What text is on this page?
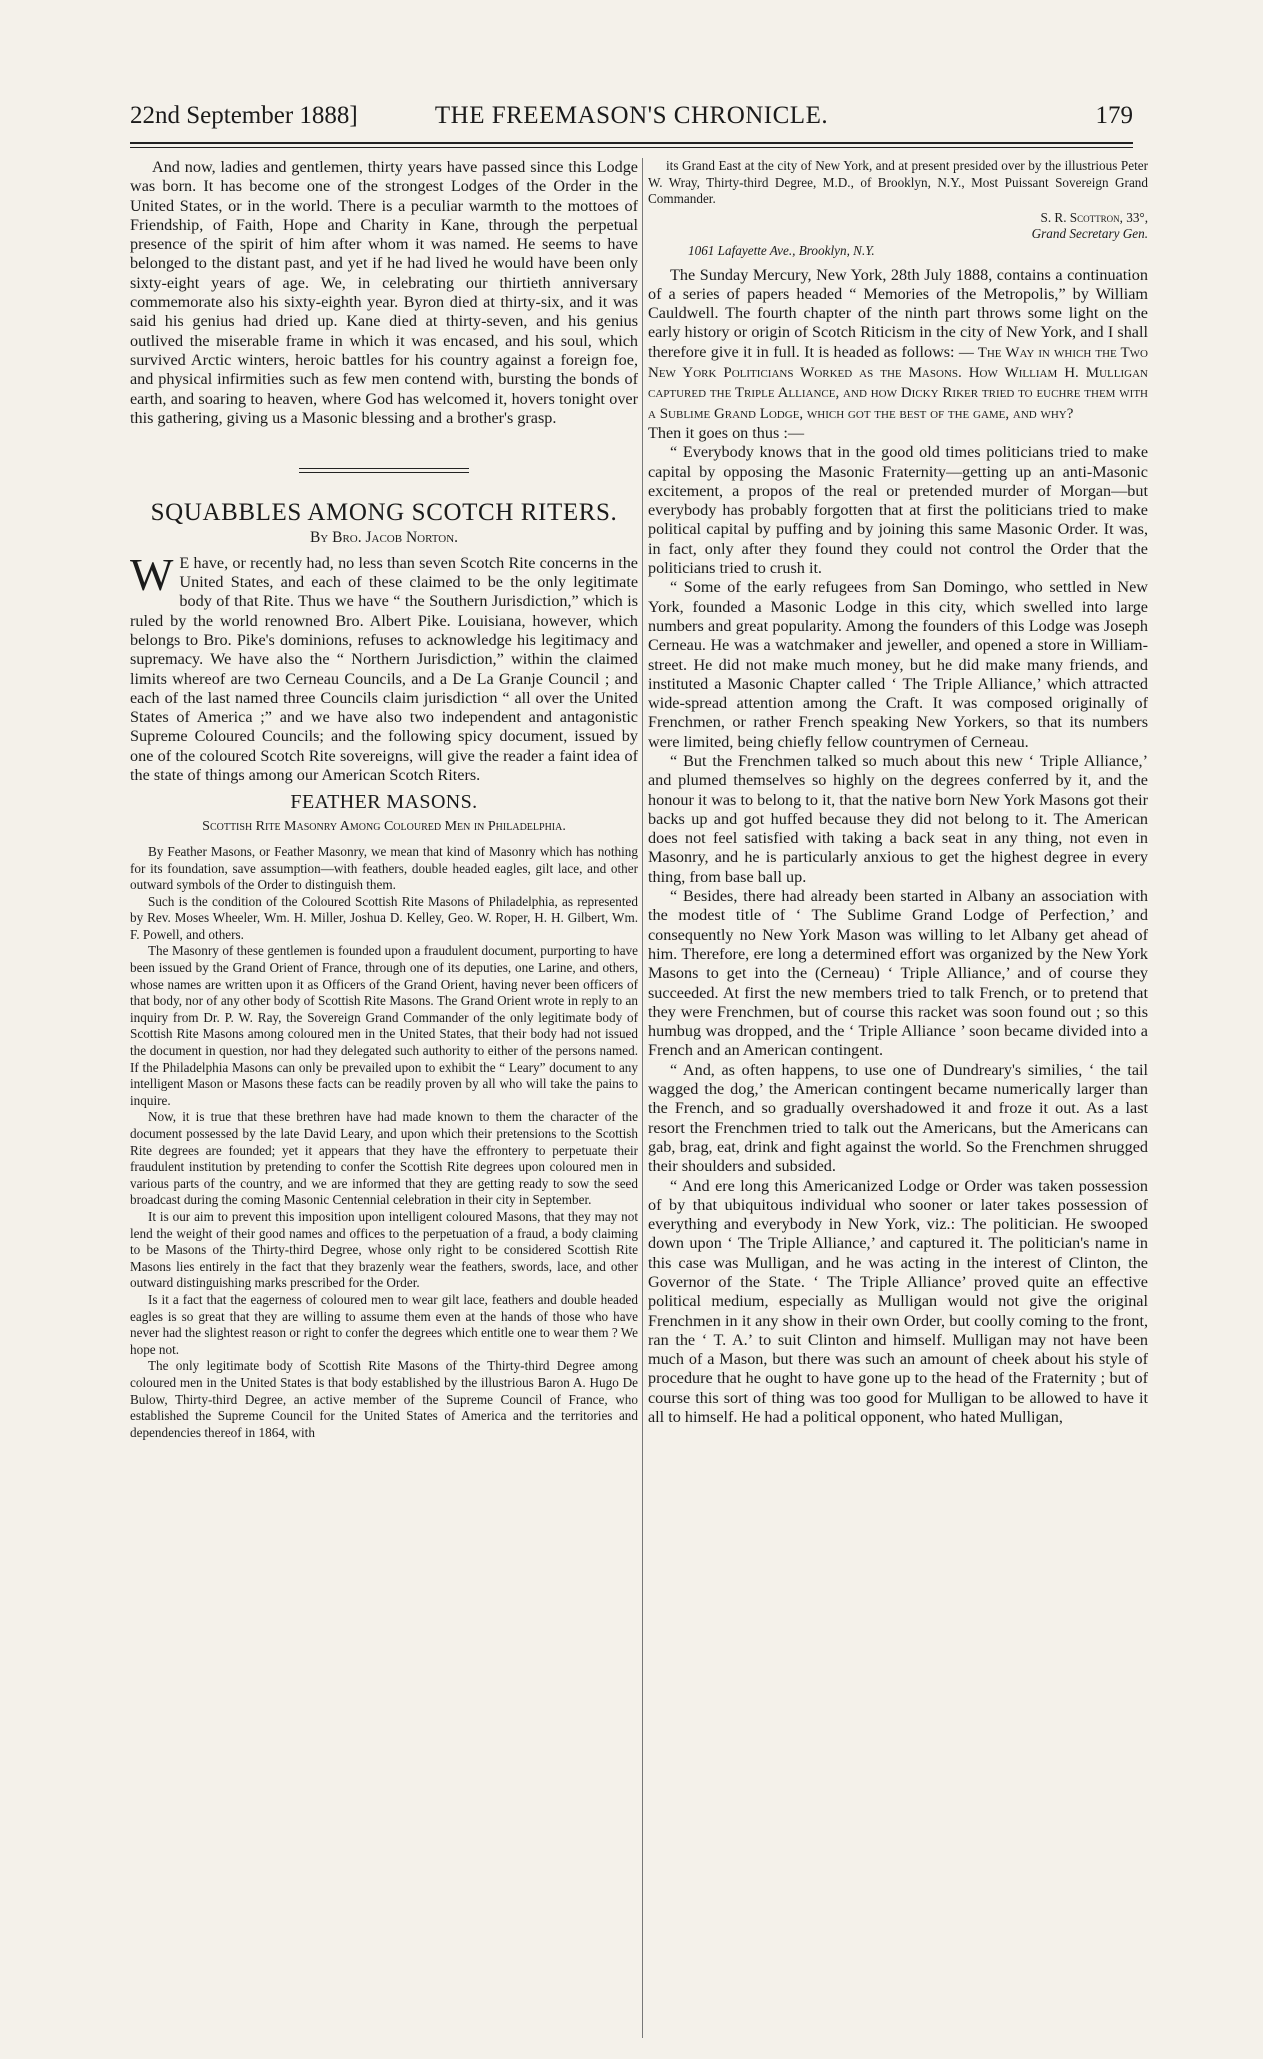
22nd September 1888]	THE FREEMASON'S CHRONICLE.	179

And now, ladies and gentlemen, thirty years have passed since this Lodge was born. It has become one of the strongest Lodges of the Order in the United States, or in the world. There is a peculiar warmth to the mottoes of Friendship, of Faith, Hope and Charity in Kane, through the perpetual presence of the spirit of him after whom it was named. He seems to have belonged to the distant past, and yet if he had lived he would have been only sixty-eight years of age. We, in celebrating our thirtieth anniversary commemorate also his sixty-eighth year. Byron died at thirty-six, and it was said his genius had dried up. Kane died at thirty-seven, and his genius outlived the miserable frame in which it was encased, and his soul, which survived Arctic winters, heroic battles for his country against a foreign foe, and physical infirmities such as few men contend with, bursting the bonds of earth, and soaring to heaven, where God has welcomed it, hovers tonight over this gathering, giving us a Masonic blessing and a brother's grasp.

SQUABBLES AMONG SCOTCH RITERS.
By Bro. Jacob Norton.

W E have, or recently had, no less than seven Scotch Rite concerns in the United States, and each of these claimed to be the only legitimate body of that Rite. Thus we have “ the Southern Jurisdiction,” which is ruled by the world renowned Bro. Albert Pike. Louisiana, however, which belongs to Bro. Pike's dominions, refuses to acknowledge his legitimacy and supremacy. We have also the “ Northern Jurisdiction,” within the claimed limits whereof are two Cerneau Councils, and a De La Granje Council ; and each of the last named three Councils claim jurisdiction “ all over the United States of America ;” and we have also two independent and antagonistic Supreme Coloured Councils; and the following spicy document, issued by one of the coloured Scotch Rite sovereigns, will give the reader a faint idea of the state of things among our American Scotch Riters.

FEATHER MASONS.
Scottish Rite Masonry Among Coloured Men in Philadelphia.

By Feather Masons, or Feather Masonry, we mean that kind of Masonry which has nothing for its foundation, save assumption—with feathers, double headed eagles, gilt lace, and other outward symbols of the Order to distinguish them.

Such is the condition of the Coloured Scottish Rite Masons of Philadelphia, as represented by Rev. Moses Wheeler, Wm. H. Miller, Joshua D. Kelley, Geo. W. Roper, H. H. Gilbert, Wm. F. Powell, and others.

The Masonry of these gentlemen is founded upon a fraudulent document, purporting to have been issued by the Grand Orient of France, through one of its deputies, one Larine, and others, whose names are written upon it as Officers of the Grand Orient, having never been officers of that body, nor of any other body of Scottish Rite Masons. The Grand Orient wrote in reply to an inquiry from Dr. P. W. Ray, the Sovereign Grand Commander of the only legitimate body of Scottish Rite Masons among coloured men in the United States, that their body had not issued the document in question, nor had they delegated such authority to either of the persons named. If the Philadelphia Masons can only be prevailed upon to exhibit the “ Leary” document to any intelligent Mason or Masons these facts can be readily proven by all who will take the pains to inquire.

Now, it is true that these brethren have had made known to them the character of the document possessed by the late David Leary, and upon which their pretensions to the Scottish Rite degrees are founded; yet it appears that they have the effrontery to perpetuate their fraudulent institution by pretending to confer the Scottish Rite degrees upon coloured men in various parts of the country, and we are informed that they are getting ready to sow the seed broadcast during the coming Masonic Centennial celebration in their city in September.

It is our aim to prevent this imposition upon intelligent coloured Masons, that they may not lend the weight of their good names and offices to the perpetuation of a fraud, a body claiming to be Masons of the Thirty-third Degree, whose only right to be considered Scottish Rite Masons lies entirely in the fact that they brazenly wear the feathers, swords, lace, and other outward distinguishing marks prescribed for the Order.

Is it a fact that the eagerness of coloured men to wear gilt lace, feathers and double headed eagles is so great that they are willing to assume them even at the hands of those who have never had the slightest reason or right to confer the degrees which entitle one to wear them ? We hope not.

The only legitimate body of Scottish Rite Masons of the Thirty-third Degree among coloured men in the United States is that body established by the illustrious Baron A. Hugo De Bulow, Thirty-third Degree, an active member of the Supreme Council of France, who established the Supreme Council for the United States of America and the territories and dependencies thereof in 1864, with

its Grand East at the city of New York, and at present presided over by the illustrious Peter W. Wray, Thirty-third Degree, M.D., of Brooklyn, N.Y., Most Puissant Sovereign Grand Commander.

S. R. Scottron, 33°,

Grand Secretary Gen.

1061 Lafayette Ave., Brooklyn, N.Y.

The Sunday Mercury, New York, 28th July 1888, contains a continuation of a series of papers headed “ Memories of the Metropolis,” by William Cauldwell. The fourth chapter of the ninth part throws some light on the early history or origin of Scotch Riticism in the city of New York, and I shall therefore give it in full. It is headed as follows: — The Way in which the Two New York Politicians Worked as the Masons. How William H. Mulligan captured the Triple Alliance, and how Dicky Riker tried to euchre them with a Sublime Grand Lodge, which got the best of the game, and why?

Then it goes on thus :—

“ Everybody knows that in the good old times politicians tried to make capital by opposing the Masonic Fraternity—getting up an anti-Masonic excitement, a propos of the real or pretended murder of Morgan—but everybody has probably forgotten that at first the politicians tried to make political capital by puffing and by joining this same Masonic Order. It was, in fact, only after they found they could not control the Order that the politicians tried to crush it.

“ Some of the early refugees from San Domingo, who settled in New York, founded a Masonic Lodge in this city, which swelled into large numbers and great popularity. Among the founders of this Lodge was Joseph Cerneau. He was a watchmaker and jeweller, and opened a store in William-street. He did not make much money, but he did make many friends, and instituted a Masonic Chapter called ‘ The Triple Alliance,’ which attracted wide-spread attention among the Craft. It was composed originally of Frenchmen, or rather French speaking New Yorkers, so that its numbers were limited, being chiefly fellow countrymen of Cerneau.

“ But the Frenchmen talked so much about this new ‘ Triple Alliance,’ and plumed themselves so highly on the degrees conferred by it, and the honour it was to belong to it, that the native born New York Masons got their backs up and got huffed because they did not belong to it. The American does not feel satisfied with taking a back seat in any thing, not even in Masonry, and he is particularly anxious to get the highest degree in every thing, from base ball up.

“ Besides, there had already been started in Albany an association with the modest title of ‘ The Sublime Grand Lodge of Perfection,’ and consequently no New York Mason was willing to let Albany get ahead of him. Therefore, ere long a determined effort was organized by the New York Masons to get into the (Cerneau) ‘ Triple Alliance,’ and of course they succeeded. At first the new members tried to talk French, or to pretend that they were Frenchmen, but of course this racket was soon found out ; so this humbug was dropped, and the ‘ Triple Alliance ’ soon became divided into a French and an American contingent.

“ And, as often happens, to use one of Dundreary's similies, ‘ the tail wagged the dog,’ the American contingent became numerically larger than the French, and so gradually overshadowed it and froze it out. As a last resort the Frenchmen tried to talk out the Americans, but the Americans can gab, brag, eat, drink and fight against the world. So the Frenchmen shrugged their shoulders and subsided.

“ And ere long this Americanized Lodge or Order was taken possession of by that ubiquitous individual who sooner or later takes possession of everything and everybody in New York, viz.: The politician. He swooped down upon ‘ The Triple Alliance,’ and captured it. The politician's name in this case was Mulligan, and he was acting in the interest of Clinton, the Governor of the State. ‘ The Triple Alliance’ proved quite an effective political medium, especially as Mulligan would not give the original Frenchmen in it any show in their own Order, but coolly coming to the front, ran the ‘ T. A.’ to suit Clinton and himself. Mulligan may not have been much of a Mason, but there was such an amount of cheek about his style of procedure that he ought to have gone up to the head of the Fraternity ; but of course this sort of thing was too good for Mulligan to be allowed to have it all to himself. He had a political opponent, who hated Mulligan,
